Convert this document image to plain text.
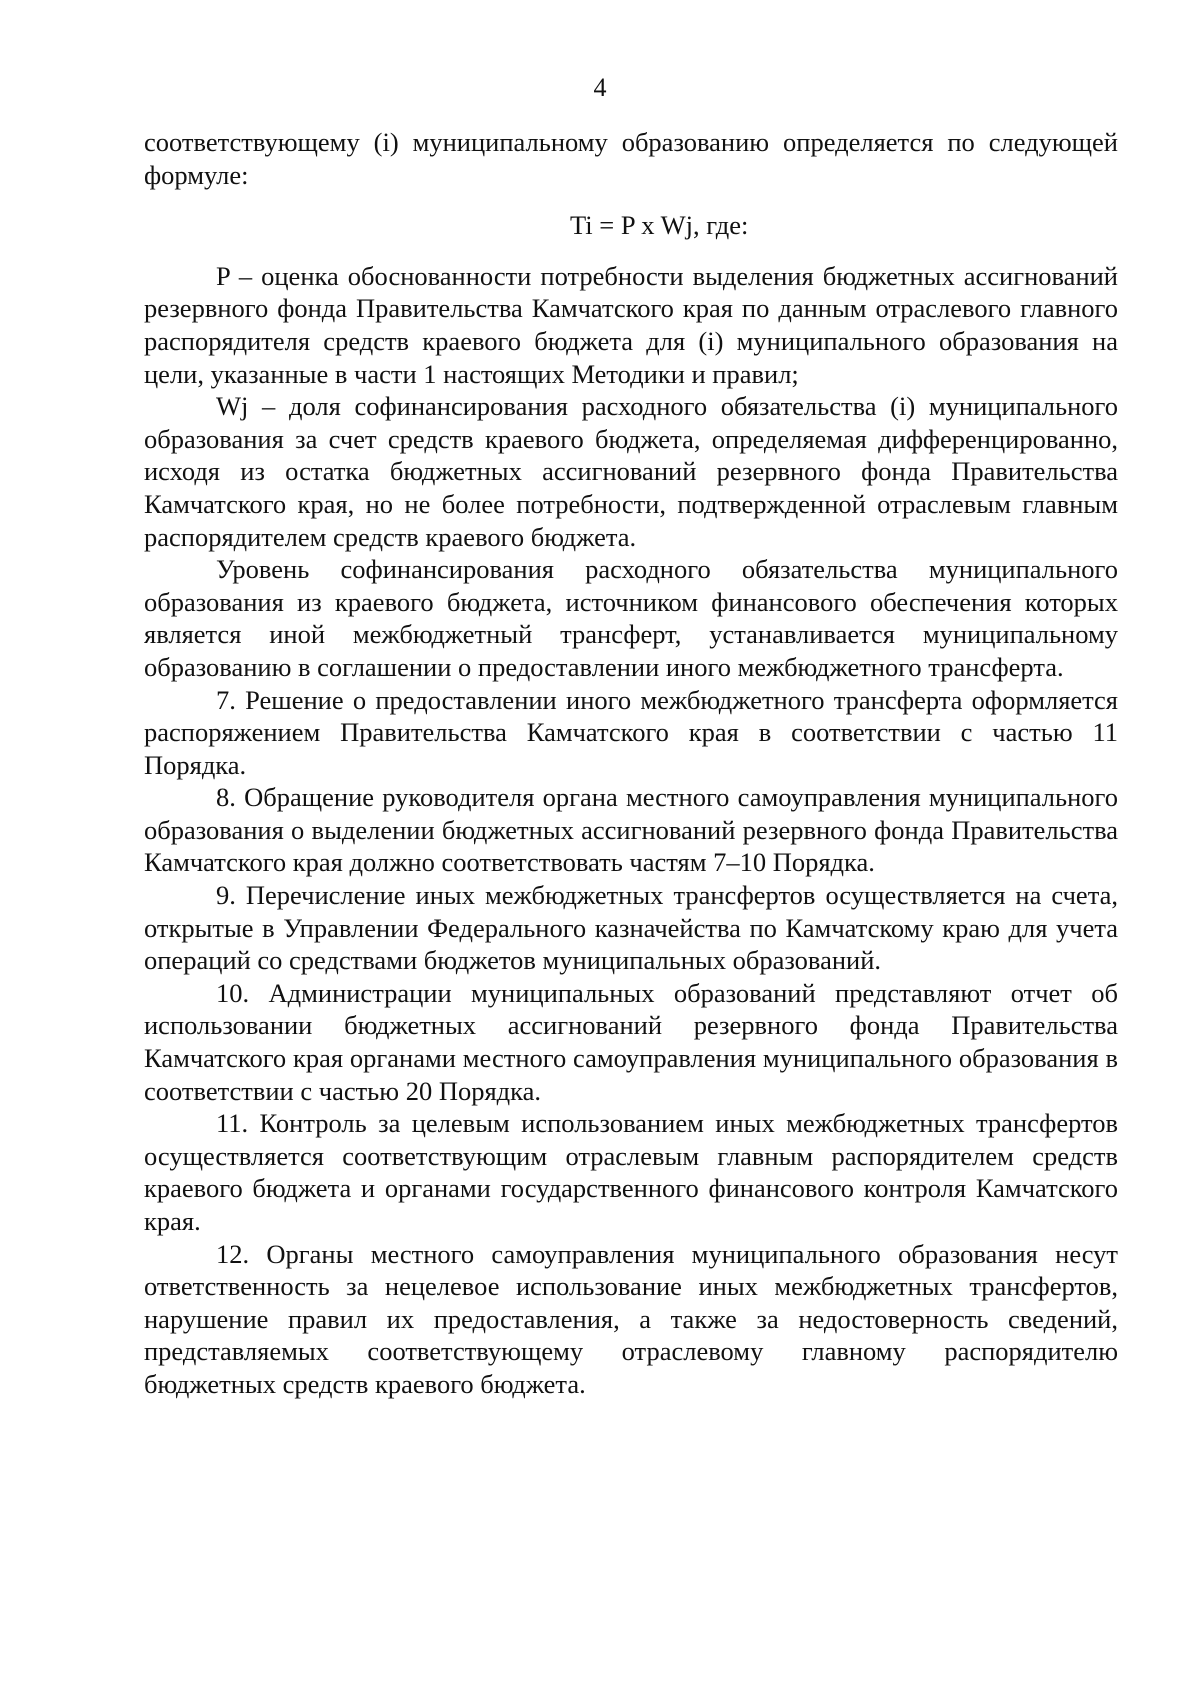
4

соответствующему (i) муниципальному образованию определяется по следующей формуле:

Ti = P x Wj, где:

P – оценка обоснованности потребности выделения бюджетных ассигнований резервного фонда Правительства Камчатского края по данным отраслевого главного распорядителя средств краевого бюджета для (i) муниципального образования на цели, указанные в части 1 настоящих Методики и правил;

Wj – доля софинансирования расходного обязательства (i) муниципального образования за счет средств краевого бюджета, определяемая дифференцированно, исходя из остатка бюджетных ассигнований резервного фонда Правительства Камчатского края, но не более потребности, подтвержденной отраслевым главным распорядителем средств краевого бюджета.

Уровень софинансирования расходного обязательства муниципального образования из краевого бюджета, источником финансового обеспечения которых является иной межбюджетный трансферт, устанавливается муниципальному образованию в соглашении о предоставлении иного межбюджетного трансферта.

7. Решение о предоставлении иного межбюджетного трансферта оформляется распоряжением Правительства Камчатского края в соответствии с частью 11 Порядка.

8. Обращение руководителя органа местного самоуправления муниципального образования о выделении бюджетных ассигнований резервного фонда Правительства Камчатского края должно соответствовать частям 7–10 Порядка.

9. Перечисление иных межбюджетных трансфертов осуществляется на счета, открытые в Управлении Федерального казначейства по Камчатскому краю для учета операций со средствами бюджетов муниципальных образований.

10. Администрации муниципальных образований представляют отчет об использовании бюджетных ассигнований резервного фонда Правительства Камчатского края органами местного самоуправления муниципального образования в соответствии с частью 20 Порядка.

11. Контроль за целевым использованием иных межбюджетных трансфертов осуществляется соответствующим отраслевым главным распорядителем средств краевого бюджета и органами государственного финансового контроля Камчатского края.

12. Органы местного самоуправления муниципального образования несут ответственность за нецелевое использование иных межбюджетных трансфертов, нарушение правил их предоставления, а также за недостоверность сведений, представляемых соответствующему отраслевому главному распорядителю бюджетных средств краевого бюджета.
